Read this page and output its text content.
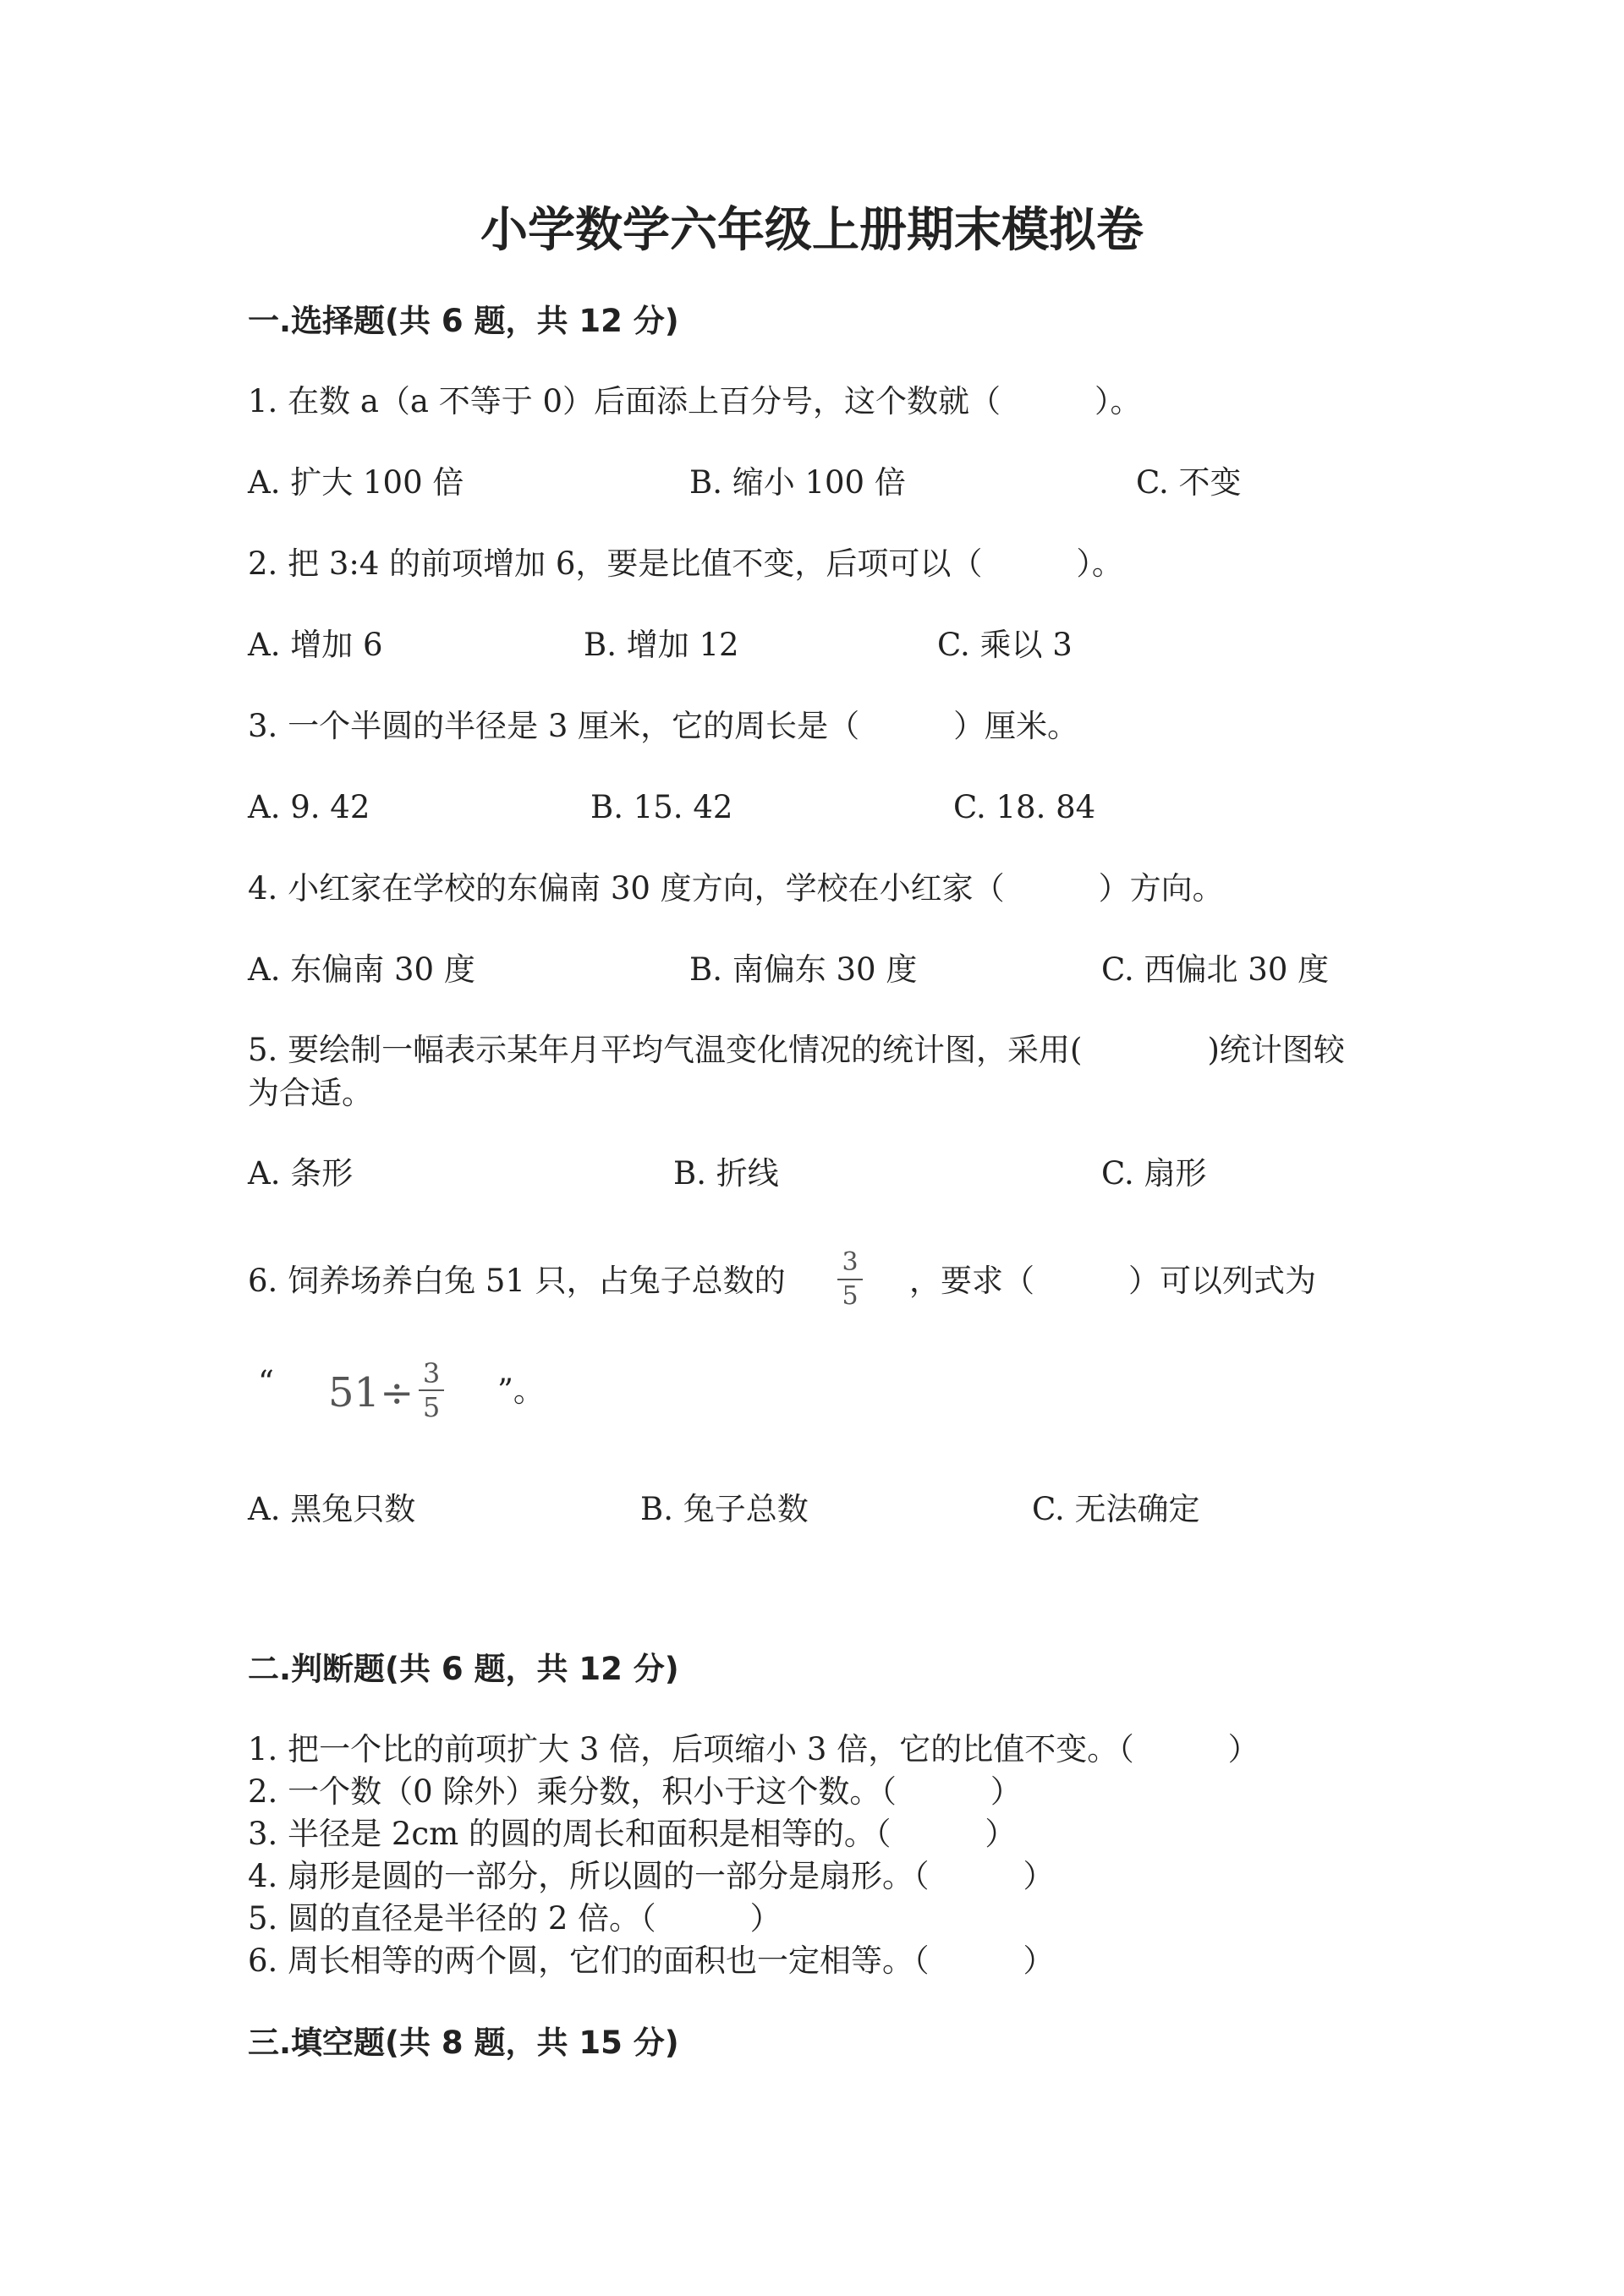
小学数学六年级上册期末模拟卷
一.选择题(共 6 题，共 12 分)
1. 在数 a（a 不等于 0）后面添上百分号，这个数就（　　　）。
A. 扩大 100 倍	B. 缩小 100 倍	C. 不变
2. 把 3:4 的前项增加 6，要是比值不变，后项可以（　　　）。
A. 增加 6	B. 增加 12	C. 乘以 3
3. 一个半圆的半径是 3 厘米，它的周长是（　　　）厘米。
A. 9. 42	B. 15. 42	C. 18. 84
4. 小红家在学校的东偏南 30 度方向，学校在小红家（　　　）方向。
A. 东偏南 30 度	B. 南偏东 30 度	C. 西偏北 30 度
5. 要绘制一幅表示某年月平均气温变化情况的统计图，采用(　　　　)统计图较
为合适。
A. 条形	B. 折线	C. 扇形
6. 饲养场养白兔 51 只，占兔子总数的
3
5 ，要求（　　　）可以列式为
“ 51÷ 3
5 ”。
A. 黑兔只数	B. 兔子总数	C. 无法确定
二.判断题(共 6 题，共 12 分)
1. 把一个比的前项扩大 3 倍，后项缩小 3 倍，它的比值不变。（　　　）
2. 一个数（0 除外）乘分数，积小于这个数。（　　　）
3. 半径是 2cm 的圆的周长和面积是相等的。（　　　）
4. 扇形是圆的一部分，所以圆的一部分是扇形。（　　　）
5. 圆的直径是半径的 2 倍。（　　　）
6. 周长相等的两个圆，它们的面积也一定相等。（　　　）
三.填空题(共 8 题，共 15 分)
